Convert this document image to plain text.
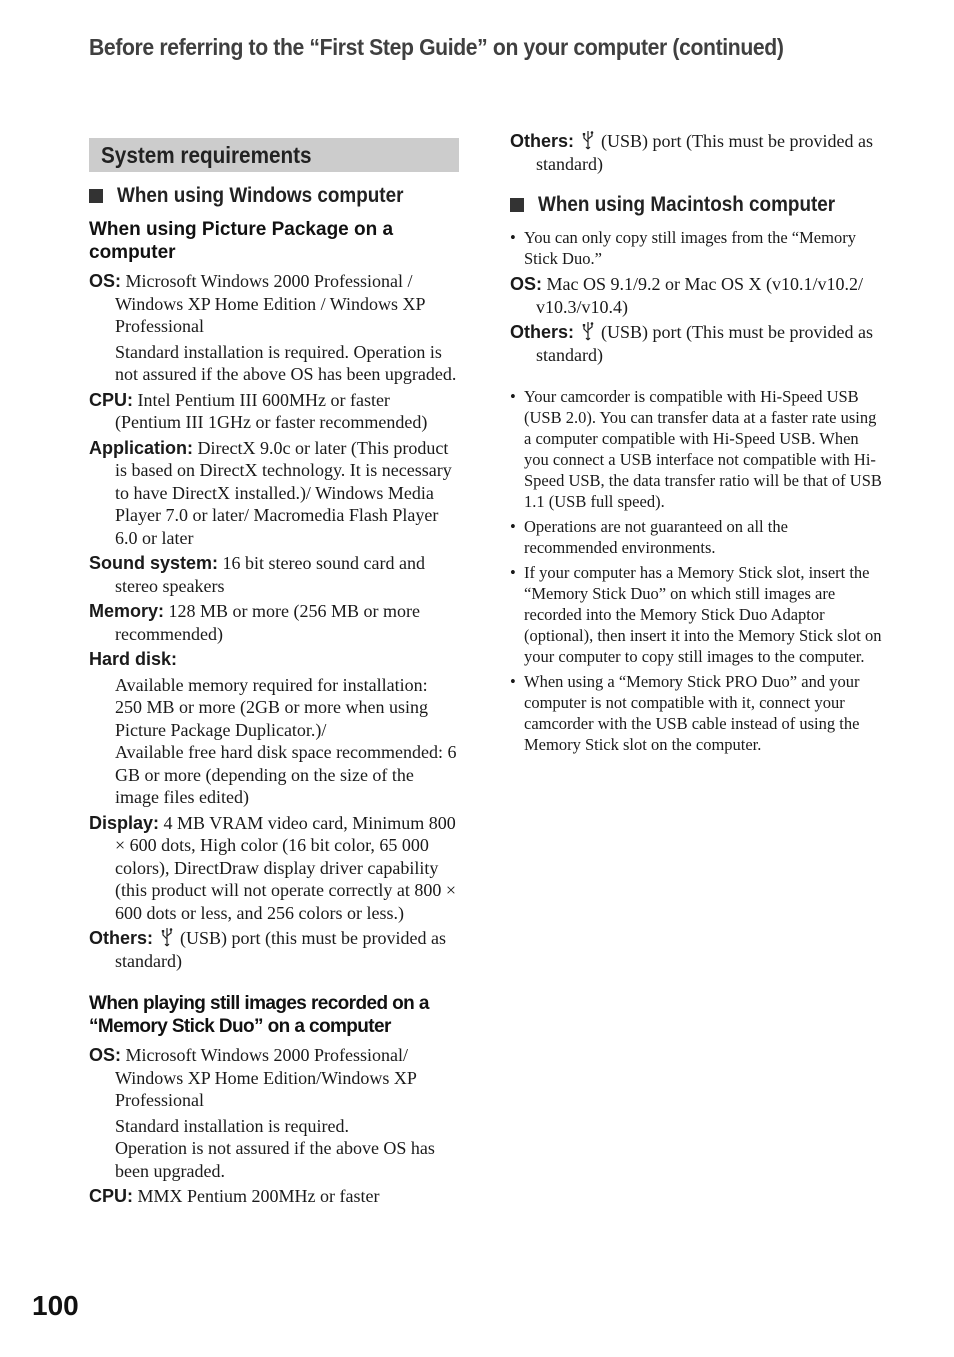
Before referring to the “First Step Guide” on your computer (continued)
System requirements
When using Windows computer
When using Picture Package on a computer
OS: Microsoft Windows 2000 Professional / Windows XP Home Edition / Windows XP Professional
Standard installation is required. Operation is not assured if the above OS has been upgraded.
CPU: Intel Pentium III 600MHz or faster (Pentium III 1GHz or faster recommended)
Application: DirectX 9.0c or later (This product is based on DirectX technology. It is necessary to have DirectX installed.)/ Windows Media Player 7.0 or later/ Macromedia Flash Player 6.0 or later
Sound system: 16 bit stereo sound card and stereo speakers
Memory: 128 MB or more (256 MB or more recommended)
Hard disk:
Available memory required for installation: 250 MB or more (2GB or more when using Picture Package Duplicator.)/
Available free hard disk space recommended: 6 GB or more (depending on the size of the image files edited)
Display: 4 MB VRAM video card, Minimum 800 × 600 dots, High color (16 bit color, 65 000 colors), DirectDraw display driver capability (this product will not operate correctly at 800 × 600 dots or less, and 256 colors or less.)
Others: (USB) port (this must be provided as standard)
When playing still images recorded on a “Memory Stick Duo” on a computer
OS: Microsoft Windows 2000 Professional/ Windows XP Home Edition/Windows XP Professional
Standard installation is required.
Operation is not assured if the above OS has been upgraded.
CPU: MMX Pentium 200MHz or faster
Others: (USB) port (This must be provided as standard)
When using Macintosh computer
• You can only copy still images from the “Memory Stick Duo.”
OS: Mac OS 9.1/9.2 or Mac OS X (v10.1/v10.2/ v10.3/v10.4)
Others: (USB) port (This must be provided as standard)
• Your camcorder is compatible with Hi-Speed USB (USB 2.0). You can transfer data at a faster rate using a computer compatible with Hi-Speed USB. When you connect a USB interface not compatible with Hi-Speed USB, the data transfer ratio will be that of USB 1.1 (USB full speed).
• Operations are not guaranteed on all the recommended environments.
• If your computer has a Memory Stick slot, insert the “Memory Stick Duo” on which still images are recorded into the Memory Stick Duo Adaptor (optional), then insert it into the Memory Stick slot on your computer to copy still images to the computer.
• When using a “Memory Stick PRO Duo” and your computer is not compatible with it, connect your camcorder with the USB cable instead of using the Memory Stick slot on the computer.
100
